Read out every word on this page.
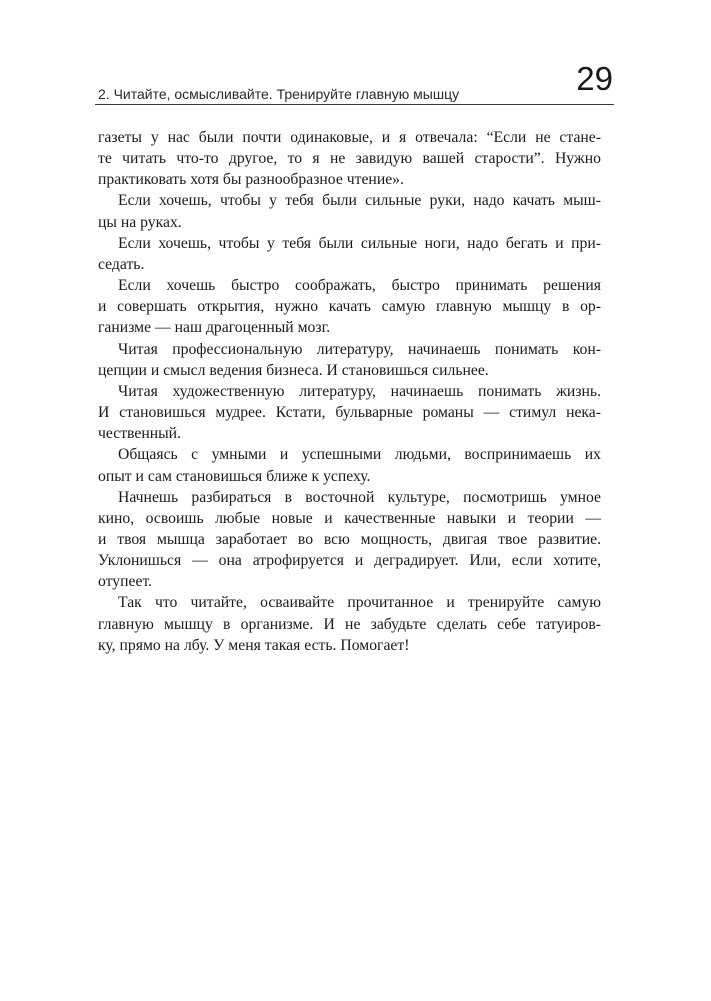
2. Читайте, осмысливайте. Тренируйте главную мышцу	29
газеты у нас были почти одинаковые, и я отвечала: “Если не стане-
те читать что-то другое, то я не завидую вашей старости”. Нужно
практиковать хотя бы разнообразное чтение».
Если хочешь, чтобы у тебя были сильные руки, надо качать мыш-
цы на руках.
Если хочешь, чтобы у тебя были сильные ноги, надо бегать и при-
седать.
Если хочешь быстро соображать, быстро принимать решения
и совершать открытия, нужно качать самую главную мышцу в ор-
ганизме — наш драгоценный мозг.
Читая профессиональную литературу, начинаешь понимать кон-
цепции и смысл ведения бизнеса. И становишься сильнее.
Читая художественную литературу, начинаешь понимать жизнь.
И становишься мудрее. Кстати, бульварные романы — стимул нека-
чественный.
Общаясь с умными и успешными людьми, воспринимаешь их
опыт и сам становишься ближе к успеху.
Начнешь разбираться в восточной культуре, посмотришь умное
кино, освоишь любые новые и качественные навыки и теории —
и твоя мышца заработает во всю мощность, двигая твое развитие.
Уклонишься — она атрофируется и деградирует. Или, если хотите,
отупеет.
Так что читайте, осваивайте прочитанное и тренируйте самую
главную мышцу в организме. И не забудьте сделать себе татуиров-
ку, прямо на лбу. У меня такая есть. Помогает!
